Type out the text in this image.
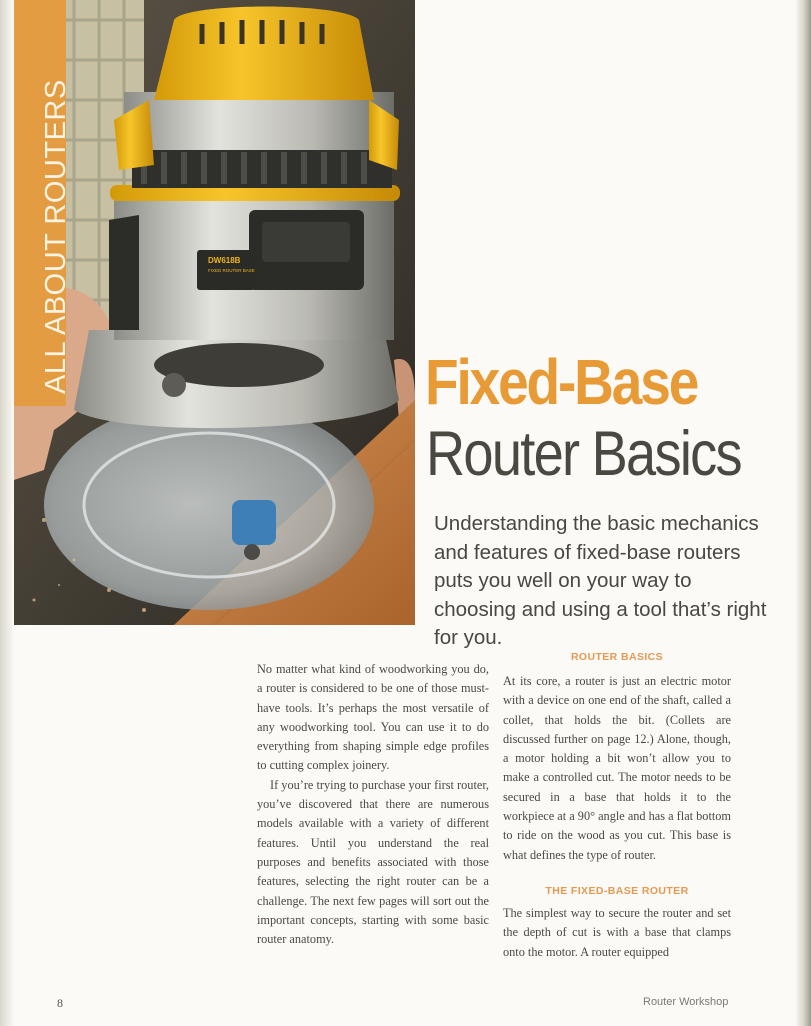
DW618B
FIXED ROUTER BASE
ALL ABOUT ROUTERS	Fixed-Base
Router Basics

Understanding the basic mechanics and features of fixed-base routers puts you well on your way to choosing and using a tool that’s right for you.

No matter what kind of woodworking you do, a router is considered to be one of those must-have tools. It’s perhaps the most versatile of any woodworking tool. You can use it to do everything from shaping simple edge profiles to cutting complex joinery.

If you’re trying to purchase your first router, you’ve discovered that there are numerous models available with a variety of different features. Until you understand the real purposes and benefits associated with those features, selecting the right router can be a challenge. The next few pages will sort out the important concepts, starting with some basic router anatomy.

ROUTER BASICS

At its core, a router is just an electric motor with a device on one end of the shaft, called a collet, that holds the bit. (Collets are discussed further on page 12.) Alone, though, a motor holding a bit won’t allow you to make a controlled cut. The motor needs to be secured in a base that holds it to the workpiece at a 90° angle and has a flat bottom to ride on the wood as you cut. This base is what defines the type of router.

THE FIXED-BASE ROUTER

The simplest way to secure the router and set the depth of cut is with a base that clamps onto the motor. A router equipped

8	Router Workshop
